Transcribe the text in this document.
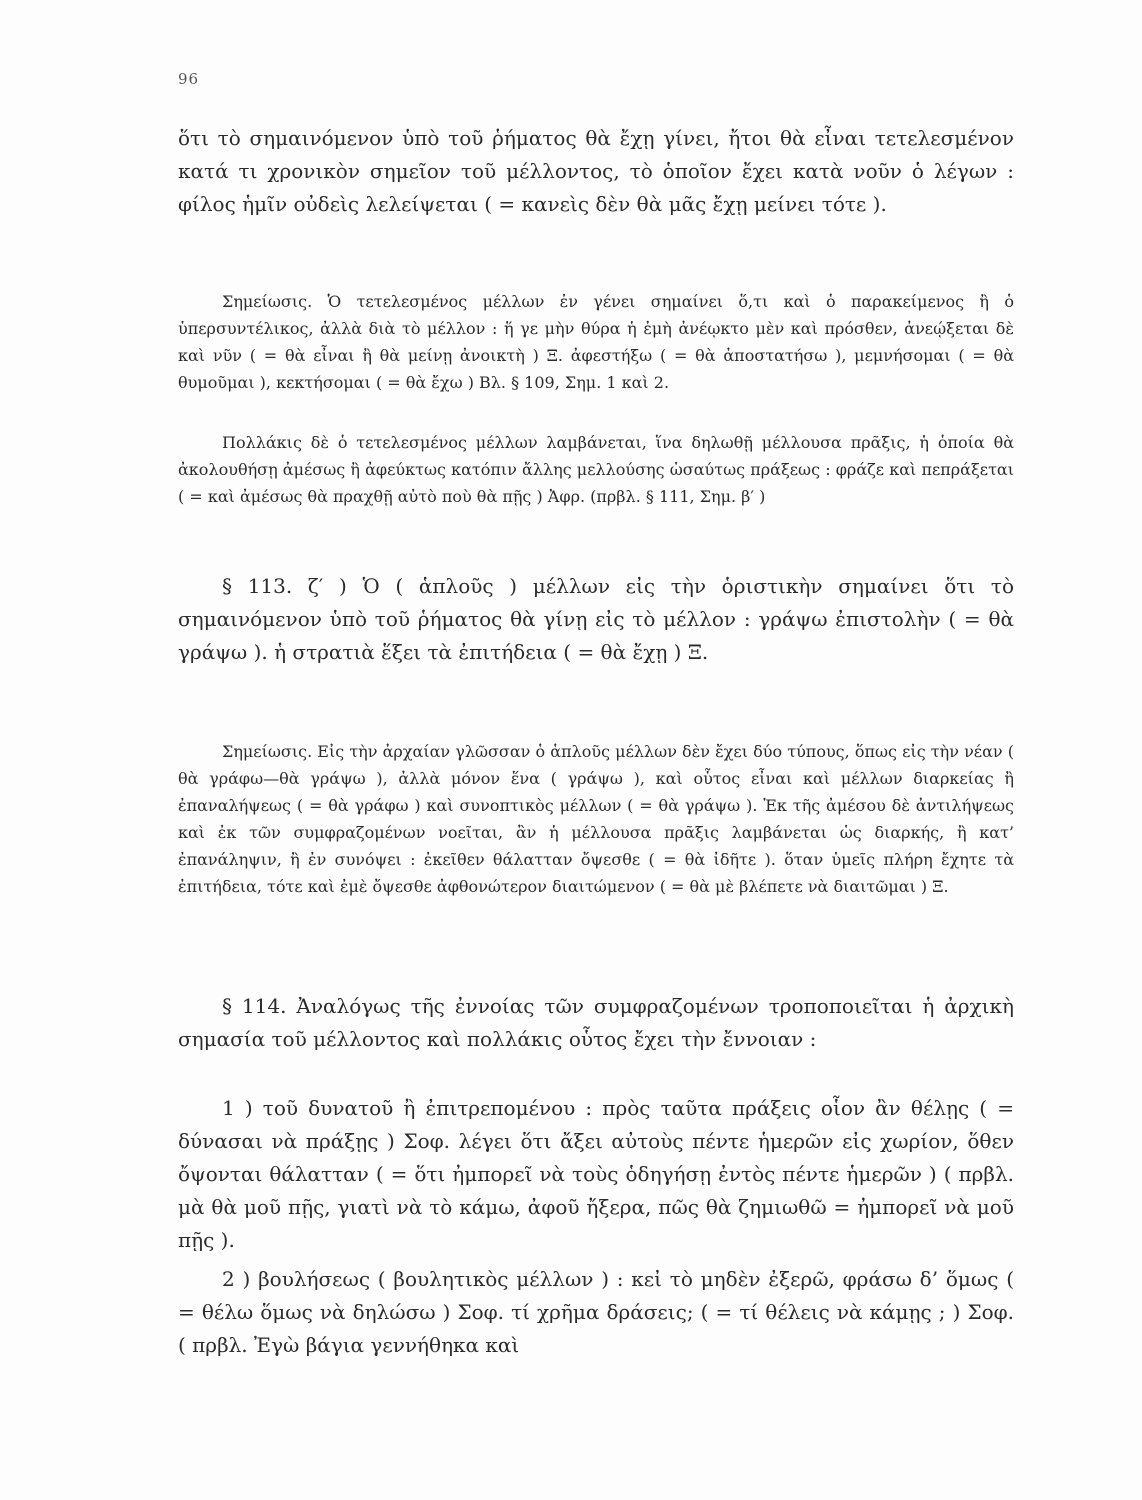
96

ὅτι τὸ σημαινόμενον ὑπὸ τοῦ ῥήματος θὰ ἔχῃ γίνει, ἤτοι θὰ εἶναι τετελεσμένον κατά τι χρονικὸν σημεῖον τοῦ μέλλοντος, τὸ ὁποῖον ἔχει κατὰ νοῦν ὁ λέγων : φίλος ἡμῖν οὐδεὶς λελείψεται ( = κανεὶς δὲν θὰ μᾶς ἔχῃ μείνει τότε ).

Σημείωσις. Ὁ τετελεσμένος μέλλων ἐν γένει σημαίνει ὅ,τι καὶ ὁ παρακείμενος ἢ ὁ ὑπερσυντέλικος, ἀλλὰ διὰ τὸ μέλλον : ἥ γε μὴν θύρα ἡ ἐμὴ ἀνέῳκτο μὲν καὶ πρόσθεν, ἀνεῴξεται δὲ καὶ νῦν ( = θὰ εἶναι ἢ θὰ μείνῃ ἀνοικτὴ ) Ξ. ἀφεστήξω ( = θὰ ἀποστατήσω ), μεμνήσομαι ( = θὰ θυμοῦμαι ), κεκτήσομαι ( = θὰ ἔχω ) Βλ. § 109, Σημ. 1 καὶ 2.

Πολλάκις δὲ ὁ τετελεσμένος μέλλων λαμβάνεται, ἵνα δηλωθῇ μέλλουσα πρᾶξις, ἡ ὁποία θὰ ἀκολουθήσῃ ἀμέσως ἢ ἀφεύκτως κατόπιν ἄλλης μελλούσης ὡσαύτως πράξεως : φράζε καὶ πεπράξεται ( = καὶ ἀμέσως θὰ πραχθῇ αὐτὸ ποὺ θὰ πῇς ) Ἀφρ. (πρβλ. § 111, Σημ. β′ )

§ 113. ζ′ ) Ὁ ( ἁπλοῦς ) μέλλων εἰς τὴν ὁριστικὴν σημαίνει ὅτι τὸ σημαινόμενον ὑπὸ τοῦ ῥήματος θὰ γίνῃ εἰς τὸ μέλλον : γράψω ἐπιστολὴν ( = θὰ γράψω ). ἡ στρατιὰ ἕξει τὰ ἐπιτήδεια ( = θὰ ἔχῃ ) Ξ.

Σημείωσις. Εἰς τὴν ἀρχαίαν γλῶσσαν ὁ ἁπλοῦς μέλλων δὲν ἔχει δύο τύπους, ὅπως εἰς τὴν νέαν ( θὰ γράφω—θὰ γράψω ), ἀλλὰ μόνον ἕνα ( γράψω ), καὶ οὗτος εἶναι καὶ μέλλων διαρκείας ἢ ἐπαναλήψεως ( = θὰ γράφω ) καὶ συνοπτικὸς μέλλων ( = θὰ γράψω ). Ἐκ τῆς ἀμέσου δὲ ἀντιλήψεως καὶ ἐκ τῶν συμφραζομένων νοεῖται, ἂν ἡ μέλλουσα πρᾶξις λαμβάνεται ὡς διαρκής, ἢ κατ’ ἐπανάληψιν, ἢ ἐν συνόψει : ἐκεῖθεν θάλατταν ὄψεσθε ( = θὰ ἰδῆτε ). ὅταν ὑμεῖς πλήρη ἔχητε τὰ ἐπιτήδεια, τότε καὶ ἐμὲ ὄψεσθε ἀφθονώτερον διαιτώμενον ( = θὰ μὲ βλέπετε νὰ διαιτῶμαι ) Ξ.

§ 114. Ἀναλόγως τῆς ἐννοίας τῶν συμφραζομένων τροποποιεῖται ἡ ἀρχικὴ σημασία τοῦ μέλλοντος καὶ πολλάκις οὗτος ἔχει τὴν ἔννοιαν :

1 ) τοῦ δυνατοῦ ἢ ἐπιτρεπομένου : πρὸς ταῦτα πράξεις οἷον ἂν θέλῃς ( = δύνασαι νὰ πράξῃς ) Σοφ. λέγει ὅτι ἄξει αὐτοὺς πέντε ἡμερῶν εἰς χωρίον, ὅθεν ὄψονται θάλατταν ( = ὅτι ἠμπορεῖ νὰ τοὺς ὁδηγήσῃ ἐντὸς πέντε ἡμερῶν ) ( πρβλ. μὰ θὰ μοῦ πῇς, γιατὶ νὰ τὸ κάμω, ἀφοῦ ἤξερα, πῶς θὰ ζημιωθῶ = ἠμπορεῖ νὰ μοῦ πῇς ).

2 ) βουλήσεως ( βουλητικὸς μέλλων ) : κεἰ τὸ μηδὲν ἐξερῶ, φράσω δ’ ὅμως ( = θέλω ὅμως νὰ δηλώσω ) Σοφ. τί χρῆμα δράσεις; ( = τί θέλεις νὰ κάμῃς ; ) Σοφ. ( πρβλ. Ἐγὼ βάγια γεννήθηκα καὶ
